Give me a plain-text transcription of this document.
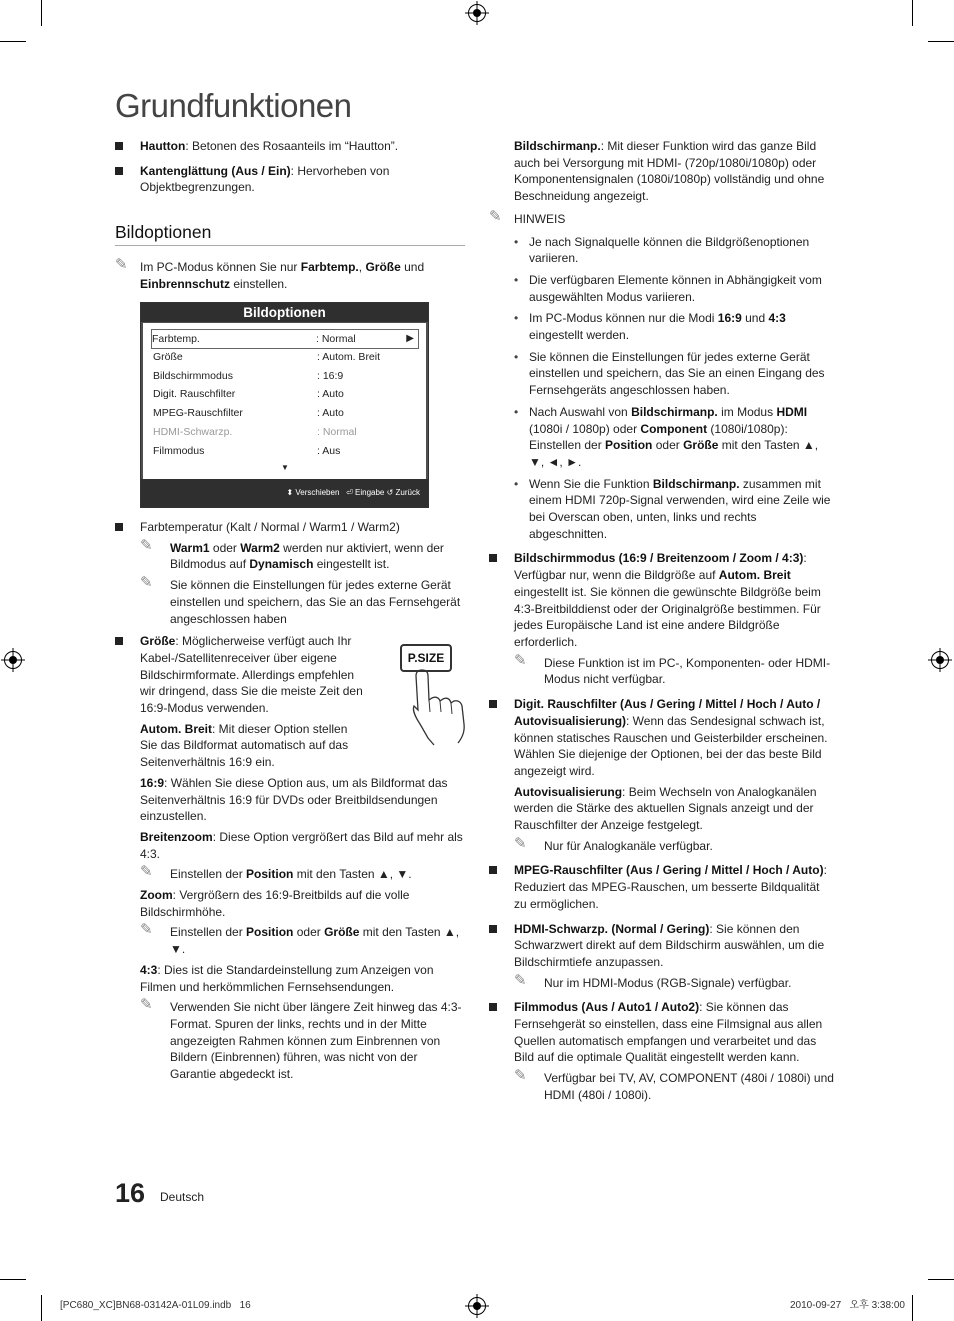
Grundfunktionen
Hautton: Betonen des Rosaanteils im “Hautton”.
Kantenglättung (Aus / Ein): Hervorheben von Objektbegrenzungen.
Bildoptionen
✎	Im PC-Modus können Sie nur Farbtemp., Größe und Einbrennschutz einstellen.
Bildoptionen
Farbtemp.	: Normal	▶
Größe	: Autom. Breit
Bildschirmmodus	: 16:9
Digit. Rauschfilter	: Auto
MPEG-Rauschfilter	: Auto
HDMI-Schwarzp.	: Normal
Filmmodus	: Aus
▼
⬍ Verschieben ⏎ Eingabe ↺ Zurück
Farbtemperatur (Kalt / Normal / Warm1 / Warm2)
✎	Warm1 oder Warm2 werden nur aktiviert, wenn der Bildmodus auf Dynamisch eingestellt ist.
✎	Sie können die Einstellungen für jedes externe Gerät einstellen und speichern, das Sie an das Fernsehgerät angeschlossen haben
Größe: Möglicherweise verfügt auch Ihr Kabel-/Satellitenreceiver über eigene Bildschirmformate. Allerdings empfehlen wir dringend, dass Sie die meiste Zeit den 16:9-Modus verwenden.

Autom. Breit: Mit dieser Option stellen Sie das Bildformat automatisch auf das Seitenverhältnis 16:9 ein.

16:9: Wählen Sie diese Option aus, um als Bildformat das Seitenverhältnis 16:9 für DVDs oder Breitbildsendungen einzustellen.

Breitenzoom: Diese Option vergrößert das Bild auf mehr als 4:3.

✎	Einstellen der Position mit den Tasten ▲, ▼.

Zoom: Vergrößern des 16:9-Breitbilds auf die volle Bildschirmhöhe.

✎	Einstellen der Position oder Größe mit den Tasten ▲, ▼.

4:3: Dies ist die Standardeinstellung zum Anzeigen von Filmen und herkömmlichen Fernsehsendungen.

✎	Verwenden Sie nicht über längere Zeit hinweg das 4:3-Format. Spuren der links, rechts und in der Mitte angezeigten Rahmen können zum Einbrennen von Bildern (Einbrennen) führen, was nicht von der Garantie abgedeckt ist.
P.SIZE

Bildschirmanp.: Mit dieser Funktion wird das ganze Bild auch bei Versorgung mit HDMI- (720p/1080i/1080p) oder Komponentensignalen (1080i/1080p) vollständig und ohne Beschneidung angezeigt.

✎	HINWEIS
• Je nach Signalquelle können die Bildgrößenoptionen variieren.
• Die verfügbaren Elemente können in Abhängigkeit vom ausgewählten Modus variieren.
• Im PC-Modus können nur die Modi 16:9 und 4:3 eingestellt werden.
• Sie können die Einstellungen für jedes externe Gerät einstellen und speichern, das Sie an einen Eingang des Fernsehgeräts angeschlossen haben.
• Nach Auswahl von Bildschirmanp. im Modus HDMI (1080i / 1080p) oder Component (1080i/1080p): Einstellen der Position oder Größe mit den Tasten ▲, ▼, ◄, ►.
• Wenn Sie die Funktion Bildschirmanp. zusammen mit einem HDMI 720p-Signal verwenden, wird eine Zeile wie bei Overscan oben, unten, links und rechts abgeschnitten.
Bildschirmmodus (16:9 / Breitenzoom / Zoom / 4:3): Verfügbar nur, wenn die Bildgröße auf Autom. Breit eingestellt ist. Sie können die gewünschte Bildgröße beim 4:3-Breitbilddienst oder der Originalgröße bestimmen. Für jedes Europäische Land ist eine andere Bildgröße erforderlich.
✎	Diese Funktion ist im PC-, Komponenten- oder HDMI-Modus nicht verfügbar.
Digit. Rauschfilter (Aus / Gering / Mittel / Hoch / Auto / Autovisualisierung): Wenn das Sendesignal schwach ist, können statisches Rauschen und Geisterbilder erscheinen. Wählen Sie diejenige der Optionen, bei der das beste Bild angezeigt wird.

Autovisualisierung: Beim Wechseln von Analogkanälen werden die Stärke des aktuellen Signals anzeigt und der Rauschfilter der Anzeige festgelegt.

✎	Nur für Analogkanäle verfügbar.
MPEG-Rauschfilter (Aus / Gering / Mittel / Hoch / Auto): Reduziert das MPEG-Rauschen, um besserte Bildqualität zu ermöglichen.
HDMI-Schwarzp. (Normal / Gering): Sie können den Schwarzwert direkt auf dem Bildschirm auswählen, um die Bildschirmtiefe anzupassen.
✎	Nur im HDMI-Modus (RGB-Signale) verfügbar.
Filmmodus (Aus / Auto1 / Auto2): Sie können das Fernsehgerät so einstellen, dass eine Filmsignal aus allen Quellen automatisch empfangen und verarbeitet und das Bild auf die optimale Qualität eingestellt werden kann.
✎	Verfügbar bei TV, AV, COMPONENT (480i / 1080i) und HDMI (480i / 1080i).
16 Deutsch
[PC680_XC]BN68-03142A-01L09.indb   16	2010-09-27   오후 3:38:00
